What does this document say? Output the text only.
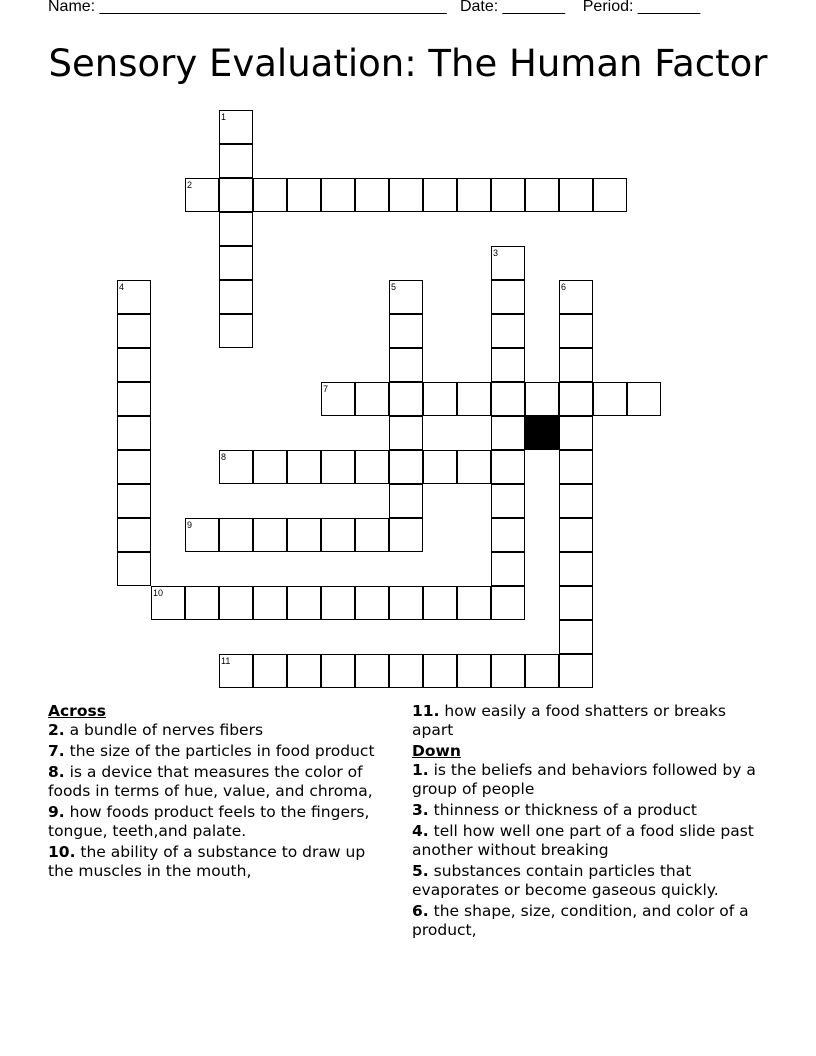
Name: _______________________________________ Date: _______ Period: _______
Sensory Evaluation: The Human Factor
2
7
8
9
10
11
1
3
4	5	6

Across

2. a bundle of nerves fibers

7. the size of the particles in food product

8. is a device that measures the color of foods in terms of hue, value, and chroma,

9. how foods product feels to the fingers, tongue, teeth,and palate.

10. the ability of a substance to draw up the muscles in the mouth,

11. how easily a food shatters or breaks apart

Down

1. is the beliefs and behaviors followed by a group of people

3. thinness or thickness of a product

4. tell how well one part of a food slide past another without breaking

5. substances contain particles that evaporates or become gaseous quickly.

6. the shape, size, condition, and color of a product,
